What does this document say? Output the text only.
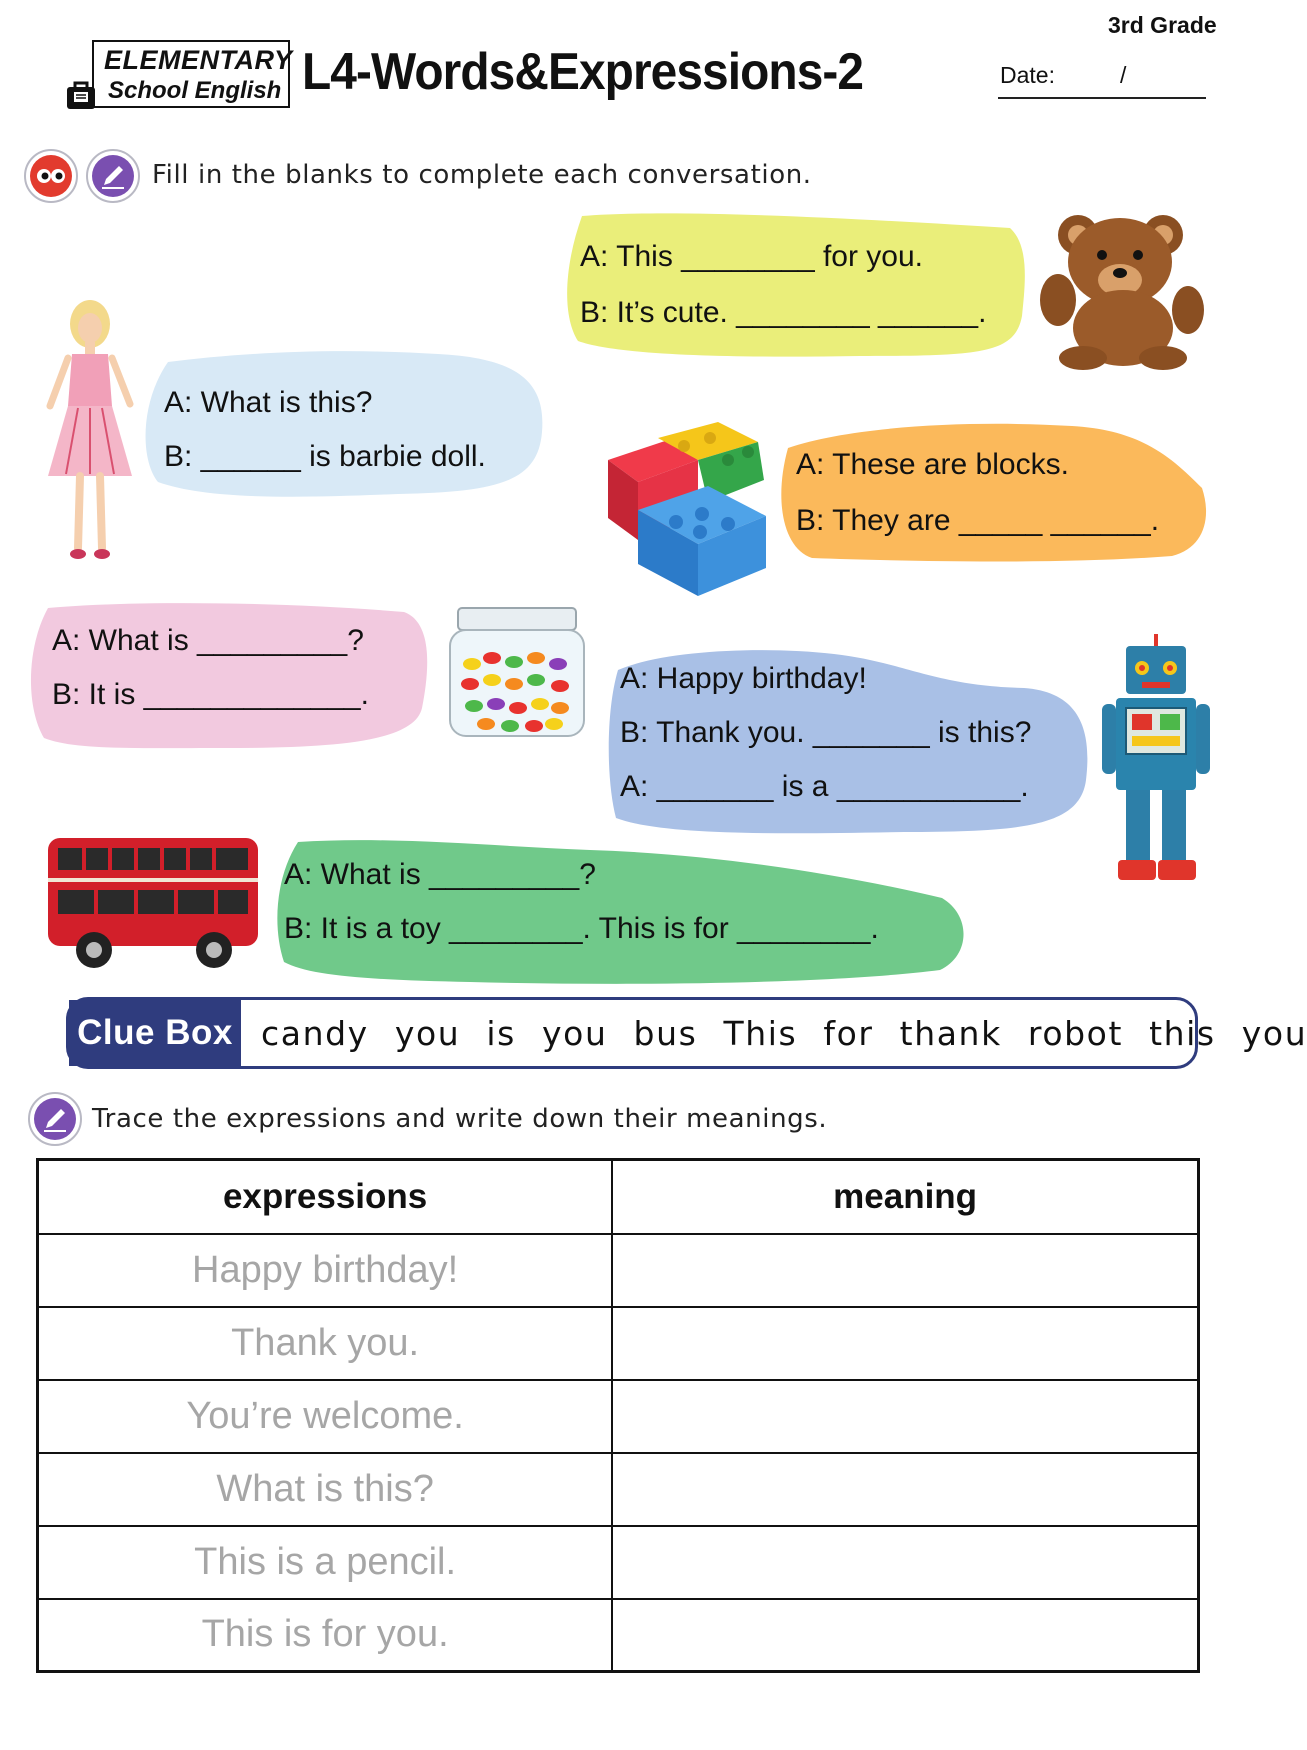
3rd Grade
ELEMENTARY
School English L4-Words&Expressions-2	Date:	/
Fill in the blanks to complete each conversation.
A: This ________ for you.
B: It’s cute. ________ ______.
A: What is this?
B: ______ is barbie doll.	A: These are blocks.
B: They are _____ ______.
A: What is _________?
B: It is _____________.	A: Happy birthday!
B: Thank you. _______ is this?
A: _______ is a ___________.
A: What is _________?
B: It is a toy ________. This is for ________.
Clue Box candy you is you bus This for thank robot this you
Trace the expressions and write down their meanings.
expressions	meaning
Happy birthday!	
Thank you.	
You’re welcome.	
What is this?	
This is a pencil.	
This is for you.	
